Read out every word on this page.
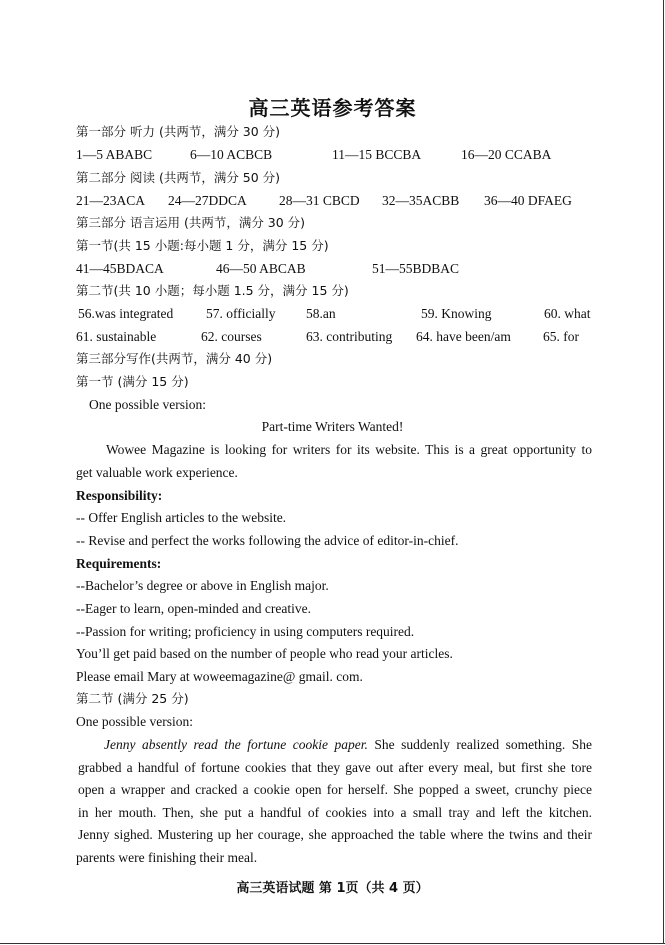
高三英语参考答案
第一部分 听力 (共两节，满分 30 分)
1—5 ABABC	6—10 ACBCB	11—15 BCCBA	16—20 CCABA
第二部分 阅读 (共两节，满分 50 分)
21—23ACA 24—27DDCA 28—31 CBCD 32—35ACBB 36—40 DFAEG
第三部分 语言运用 (共两节，满分 30 分)
第一节(共 15 小题:每小题 1 分，满分 15 分)
41—45BDACA	46—50 ABCAB	51—55BDBAC
第二节(共 10 小题；每小题 1.5 分，满分 15 分)
56.was integrated 57. officially 58.an	59. Knowing	60. what
61. sustainable	62. courses	63. contributing 64. have been/am 65. for
第三部分写作(共两节，满分 40 分)
第一节 (满分 15 分)
One possible version:
Part-time Writers Wanted!
Wowee Magazine is looking for writers for its website. This is a great opportunity to
get valuable work experience.
Responsibility:
-- Offer English articles to the website.
-- Revise and perfect the works following the advice of editor-in-chief.
Requirements:
--Bachelor’s degree or above in English major.
--Eager to learn, open-minded and creative.
--Passion for writing; proficiency in using computers required.
You’ll get paid based on the number of people who read your articles.
Please email Mary at woweemagazine@ gmail. com.
第二节 (满分 25 分)
One possible version:
Jenny absently read the fortune cookie paper. She suddenly realized something. She
grabbed a handful of fortune cookies that they gave out after every meal, but first she tore
open a wrapper and cracked a cookie open for herself. She popped a sweet, crunchy piece
in her mouth. Then, she put a handful of cookies into a small tray and left the kitchen.
Jenny sighed. Mustering up her courage, she approached the table where the twins and their
parents were finishing their meal.
高三英语试题 第 1页（共 4 页）
